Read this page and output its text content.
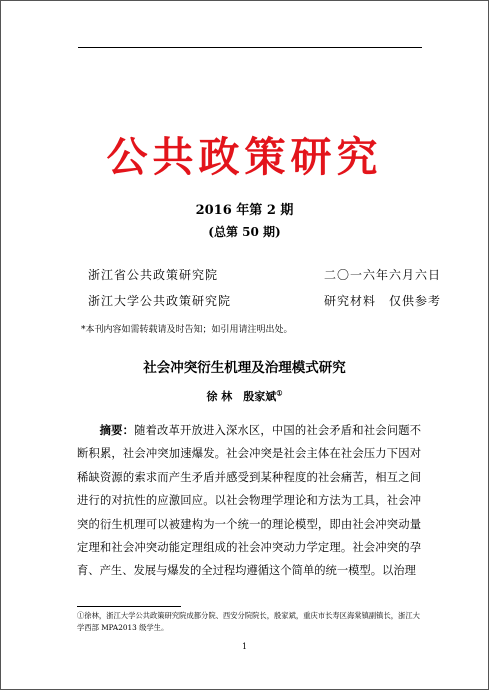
公共政策研究
2016 年第 2 期
(总第 50 期)
浙江省公共政策研究院	二〇一六年六月六日
浙江大学公共政策研究院	研究材料　仅供参考
*本刊内容如需转载请及时告知；如引用请注明出处。
社会冲突衍生机理及治理模式研究
徐 林　殷家斌①
摘要：随着改革开放进入深水区，中国的社会矛盾和社会问题不断积累，社会冲突加速爆发。社会冲突是社会主体在社会压力下因对稀缺资源的索求而产生矛盾并感受到某种程度的社会痛苦，相互之间进行的对抗性的应激回应。以社会物理学理论和方法为工具，社会冲突的衍生机理可以被建构为一个统一的理论模型，即由社会冲突动量定理和社会冲突动能定理组成的社会冲突动力学定理。社会冲突的孕育、产生、发展与爆发的全过程均遵循这个简单的统一模型。以治理
①徐林，浙江大学公共政策研究院成都分院、西安分院院长，殷家斌，重庆市长寿区海棠镇副镇长，浙江大学西部 MPA2013 级学生。
1
